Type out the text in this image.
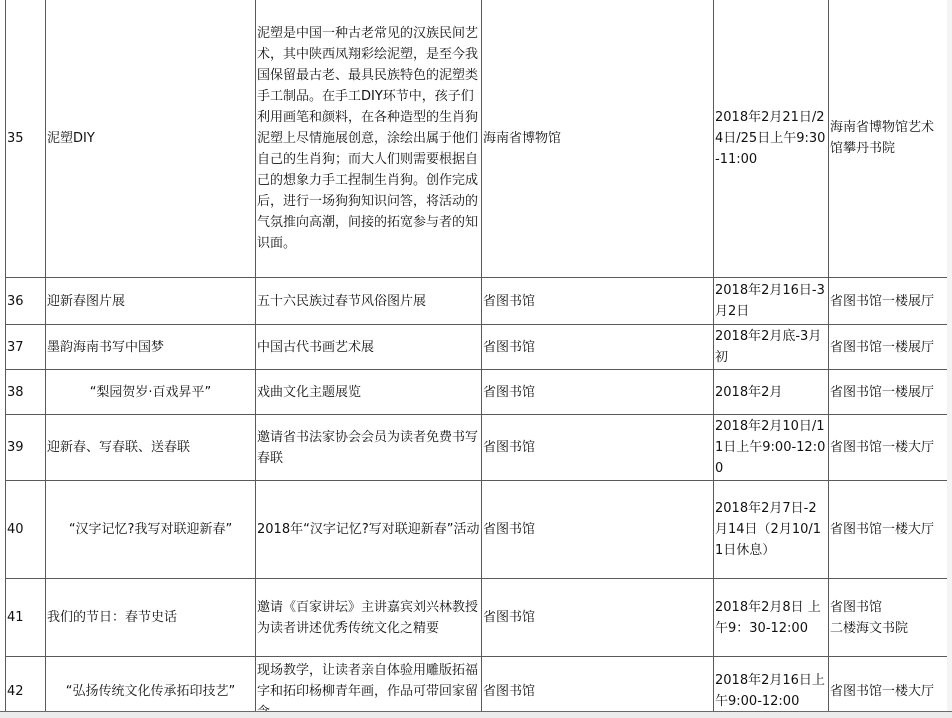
35	泥塑DIY	泥塑是中国一种古老常见的汉族民间艺术，其中陕西凤翔彩绘泥塑，是至今我国保留最古老、最具民族特色的泥塑类手工制品。在手工DIY环节中，孩子们利用画笔和颜料，在各种造型的生肖狗泥塑上尽情施展创意，涂绘出属于他们自己的生肖狗；而大人们则需要根据自己的想象力手工捏制生肖狗。创作完成后，进行一场狗狗知识问答，将活动的气氛推向高潮，间接的拓宽参与者的知识面。	海南省博物馆	2018年2月21日/24日/25日上午9:30-11:00	海南省博物馆艺术馆攀丹书院
36	迎新春图片展	五十六民族过春节风俗图片展	省图书馆	2018年2月16日-3月2日	省图书馆一楼展厅
37	墨韵海南书写中国梦	中国古代书画艺术展	省图书馆	2018年2月底-3月初	省图书馆一楼展厅
38	“梨园贺岁·百戏昇平”	戏曲文化主题展览	省图书馆	2018年2月	省图书馆一楼展厅
39	迎新春、写春联、送春联	邀请省书法家协会会员为读者免费书写春联	省图书馆	2018年2月10日/11日上午9:00-12:00	省图书馆一楼大厅
40	“汉字记忆?我写对联迎新春”	2018年“汉字记忆?写对联迎新春”活动	省图书馆	2018年2月7日-2月14日（2月10/11日休息）	省图书馆一楼大厅
41	我们的节日：春节史话	邀请《百家讲坛》主讲嘉宾刘兴林教授为读者讲述优秀传统文化之精要	省图书馆	2018年2月8日 上午9：30-12:00	省图书馆　　　　二楼海文书院
42	“弘扬传统文化传承拓印技艺”	现场教学，让读者亲自体验用雕版拓福字和拓印杨柳青年画，作品可带回家留	省图书馆	2018年2月16日上午9:00-12:00	省图书馆一楼大厅
